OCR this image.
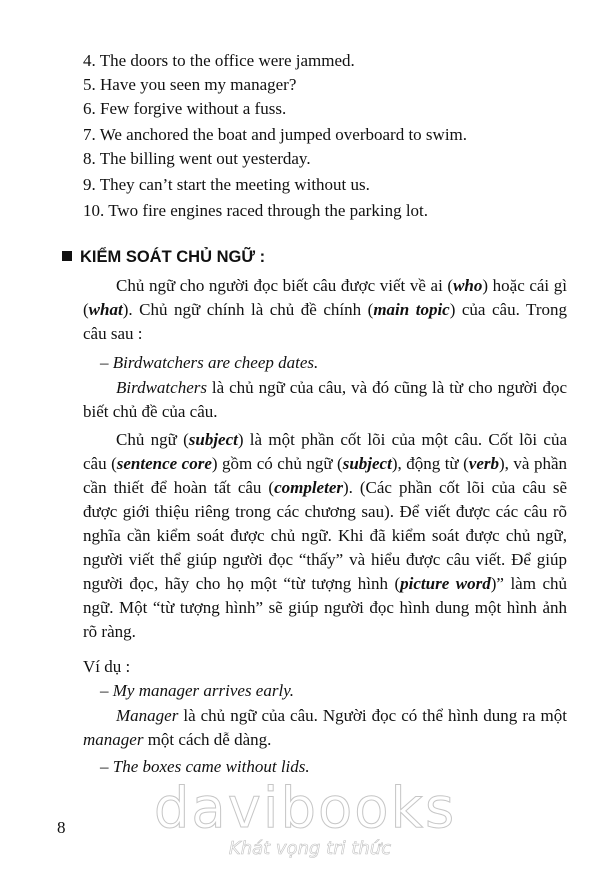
4. The doors to the office were jammed.
5. Have you seen my manager?
6. Few forgive without a fuss.
7. We anchored the boat and jumped overboard to swim.
8. The billing went out yesterday.
9. They can’t start the meeting without us.
10. Two fire engines raced through the parking lot.
KIỂM SOÁT CHỦ NGỮ :

Chủ ngữ cho người đọc biết câu được viết về ai (who) hoặc cái gì (what). Chủ ngữ chính là chủ đề chính (main topic) của câu. Trong câu sau :

– Birdwatchers are cheep dates.

Birdwatchers là chủ ngữ của câu, và đó cũng là từ cho người đọc biết chủ đề của câu.

Chủ ngữ (subject) là một phần cốt lõi của một câu. Cốt lõi của câu (sentence core) gồm có chủ ngữ (subject), động từ (verb), và phần cần thiết để hoàn tất câu (completer). (Các phần cốt lõi của câu sẽ được giới thiệu riêng trong các chương sau). Để viết được các câu rõ nghĩa cần kiểm soát được chủ ngữ. Khi đã kiểm soát được chủ ngữ, người viết thể giúp người đọc “thấy” và hiểu được câu viết. Để giúp người đọc, hãy cho họ một “từ tượng hình (picture word)” làm chủ ngữ. Một “từ tượng hình” sẽ giúp người đọc hình dung một hình ảnh rõ ràng.

Ví dụ :
– My manager arrives early.

Manager là chủ ngữ của câu. Người đọc có thể hình dung ra một manager một cách dễ dàng.

– The boxes came without lids.
8 davibooks
Khát vọng tri thức
